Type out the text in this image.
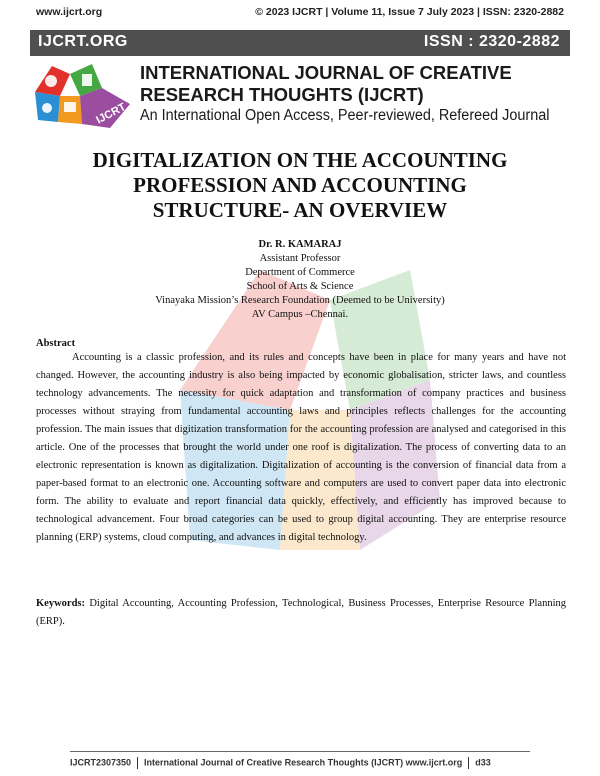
www.ijcrt.org	© 2023 IJCRT | Volume 11, Issue 7 July 2023 | ISSN: 2320-2882
IJCRT.ORG	ISSN : 2320-2882
IJCRT
INTERNATIONAL JOURNAL OF CREATIVE
RESEARCH THOUGHTS (IJCRT)
An International Open Access, Peer-reviewed, Refereed Journal
DIGITALIZATION ON THE ACCOUNTING
PROFESSION AND ACCOUNTING
STRUCTURE- AN OVERVIEW
Dr. R. KAMARAJ
Assistant Professor
Department of Commerce
School of Arts & Science
Vinayaka Mission’s Research Foundation (Deemed to be University)
AV Campus –Chennai.
Abstract
Accounting is a classic profession, and its rules and concepts have been in place for many years and have not changed. However, the accounting industry is also being impacted by economic globalisation, stricter laws, and countless technology advancements. The necessity for quick adaptation and transformation of company practices and business processes without straying from fundamental accounting laws and principles reflects challenges for the accounting profession. The main issues that digitization transformation for the accounting profession are analysed and categorised in this article. One of the processes that brought the world under one roof is digitalization. The process of converting data to an electronic representation is known as digitalization. Digitalization of accounting is the conversion of financial data from a paper-based format to an electronic one. Accounting software and computers are used to convert paper data into electronic form. The ability to evaluate and report financial data quickly, effectively, and efficiently has improved because to technological advancement. Four broad categories can be used to group digital accounting. They are enterprise resource planning (ERP) systems, cloud computing, and advances in digital technology.
Keywords: Digital Accounting, Accounting Profession, Technological, Business Processes, Enterprise Resource Planning (ERP).
IJCRT2307350 International Journal of Creative Research Thoughts (IJCRT) www.ijcrt.org d33
